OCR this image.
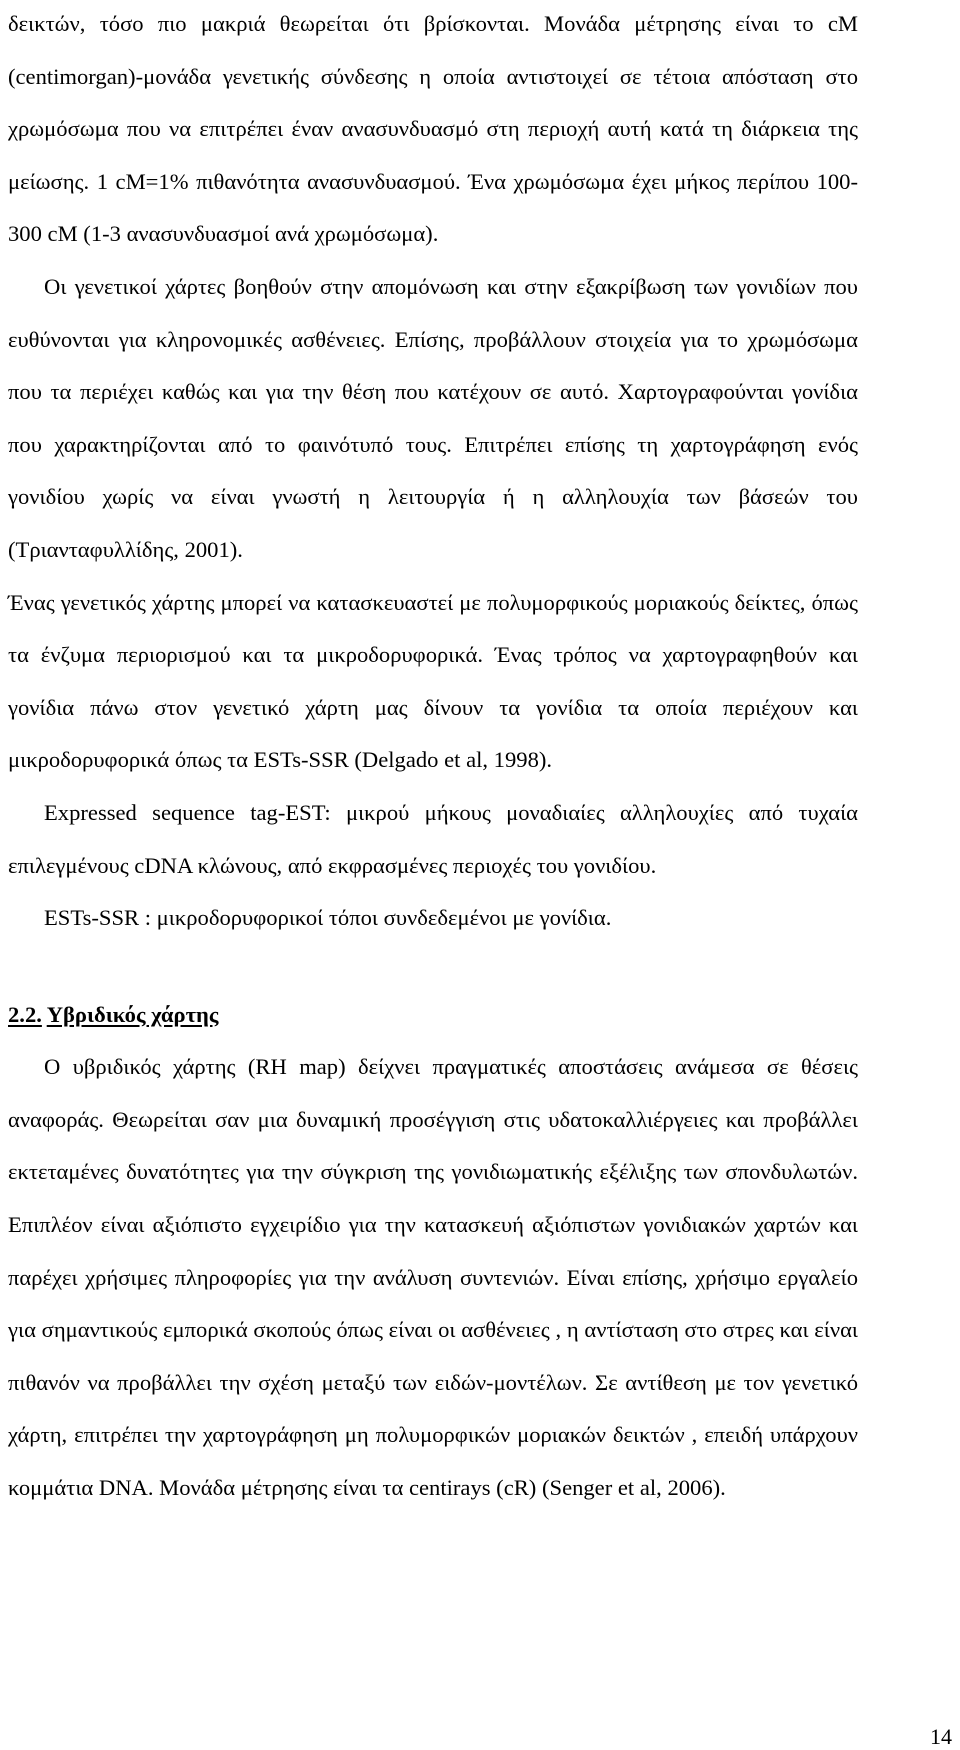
δεικτών, τόσο πιο μακριά θεωρείται ότι βρίσκονται. Μονάδα μέτρησης είναι το cM (centimorgan)-μονάδα γενετικής σύνδεσης η οποία αντιστοιχεί σε τέτοια απόσταση στο χρωμόσωμα που να επιτρέπει έναν ανασυνδυασμό στη περιοχή αυτή κατά τη διάρκεια της μείωσης. 1 cM=1% πιθανότητα ανασυνδυασμού. Ένα χρωμόσωμα έχει μήκος περίπου 100-300 cM (1-3 ανασυνδυασμοί ανά χρωμόσωμα).

Οι γενετικοί χάρτες βοηθούν στην απομόνωση και στην εξακρίβωση των γονιδίων που ευθύνονται για κληρονομικές ασθένειες. Επίσης, προβάλλουν στοιχεία για το χρωμόσωμα που τα περιέχει καθώς και για την θέση που κατέχουν σε αυτό. Χαρτογραφούνται γονίδια που χαρακτηρίζονται από το φαινότυπό τους. Επιτρέπει επίσης τη χαρτογράφηση ενός γονιδίου χωρίς να είναι γνωστή η λειτουργία ή η αλληλουχία των βάσεών του (Τριανταφυλλίδης, 2001).

Ένας γενετικός χάρτης μπορεί να κατασκευαστεί με πολυμορφικούς μοριακούς δείκτες, όπως τα ένζυμα περιορισμού και τα μικροδορυφορικά. Ένας τρόπος να χαρτογραφηθούν και γονίδια πάνω στον γενετικό χάρτη μας δίνουν τα γονίδια τα οποία περιέχουν και μικροδορυφορικά όπως τα ESTs-SSR (Delgado et al, 1998).

Expressed sequence tag-EST: μικρού μήκους μοναδιαίες αλληλουχίες από τυχαία επιλεγμένους cDNA κλώνους, από εκφρασμένες περιοχές του γονιδίου.

ESTs-SSR : μικροδορυφορικοί τόποι συνδεδεμένοι με γονίδια.

2.2. Υβριδικός χάρτης

Ο υβριδικός χάρτης (RH map) δείχνει πραγματικές αποστάσεις ανάμεσα σε θέσεις αναφοράς. Θεωρείται σαν μια δυναμική προσέγγιση στις υδατοκαλλιέργειες και προβάλλει εκτεταμένες δυνατότητες για την σύγκριση της γονιδιωματικής εξέλιξης των σπονδυλωτών. Επιπλέον είναι αξιόπιστο εγχειρίδιο για την κατασκευή αξιόπιστων γονιδιακών χαρτών και παρέχει χρήσιμες πληροφορίες για την ανάλυση συντενιών. Είναι επίσης, χρήσιμο εργαλείο για σημαντικούς εμπορικά σκοπούς όπως είναι οι ασθένειες , η αντίσταση στο στρες και είναι πιθανόν να προβάλλει την σχέση μεταξύ των ειδών-μοντέλων. Σε αντίθεση με τον γενετικό χάρτη, επιτρέπει την χαρτογράφηση μη πολυμορφικών μοριακών δεικτών , επειδή υπάρχουν κομμάτια DNA. Μονάδα μέτρησης είναι τα centirays (cR) (Senger et al, 2006).

14
